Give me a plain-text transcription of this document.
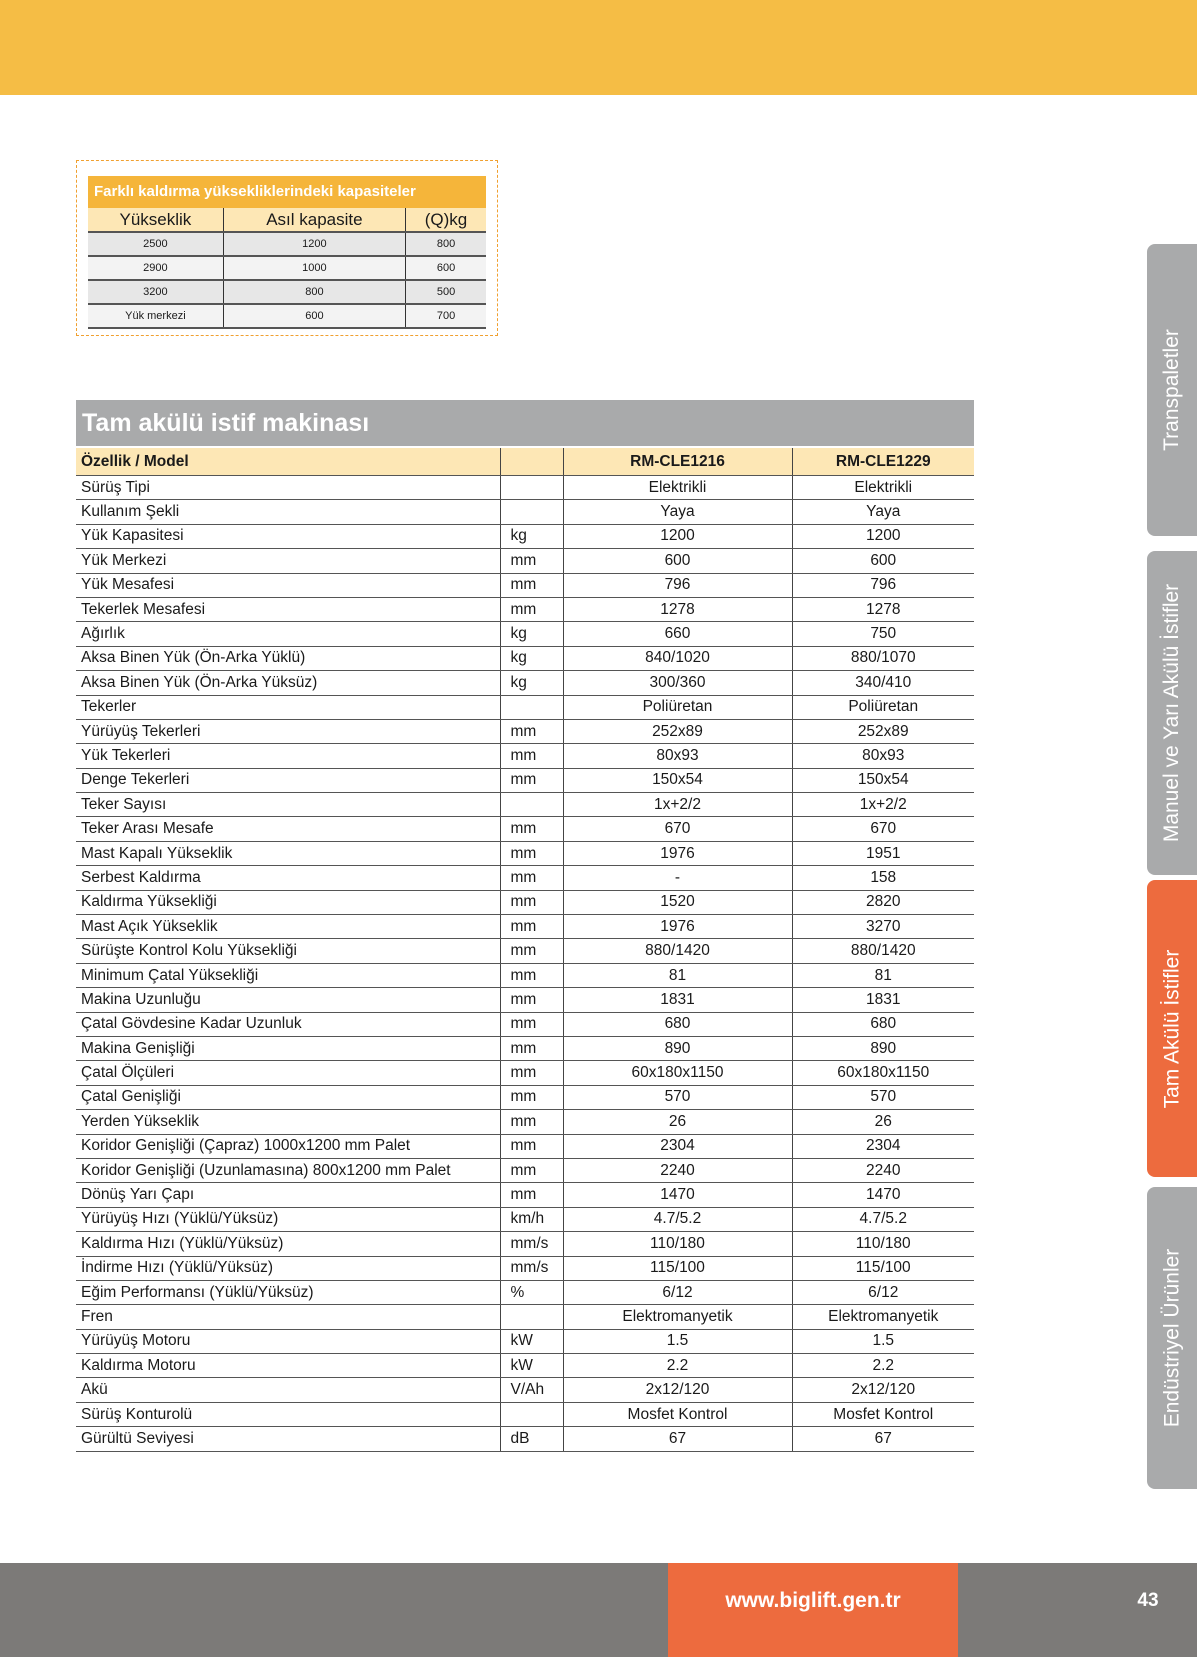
Farklı kaldırma yüksekliklerindeki kapasiteler
Yükseklik	Asıl kapasite	(Q)kg
2500	1200	800
2900	1000	600
3200	800	500
Yük merkezi	600	700
Tam akülü istif makinası
Özellik / Model		RM-CLE1216	RM-CLE1229
Sürüş Tipi		Elektrikli	Elektrikli
Kullanım Şekli		Yaya	Yaya
Yük Kapasitesi	kg	1200	1200
Yük Merkezi	mm	600	600
Yük Mesafesi	mm	796	796
Tekerlek Mesafesi	mm	1278	1278
Ağırlık	kg	660	750
Aksa Binen Yük (Ön-Arka Yüklü)	kg	840/1020	880/1070
Aksa Binen Yük (Ön-Arka Yüksüz)	kg	300/360	340/410
Tekerler		Poliüretan	Poliüretan
Yürüyüş Tekerleri	mm	252x89	252x89
Yük Tekerleri	mm	80x93	80x93
Denge Tekerleri	mm	150x54	150x54
Teker Sayısı		1x+2/2	1x+2/2
Teker Arası Mesafe	mm	670	670
Mast Kapalı Yükseklik	mm	1976	1951
Serbest Kaldırma	mm	-	158
Kaldırma Yüksekliği	mm	1520	2820
Mast Açık Yükseklik	mm	1976	3270
Sürüşte Kontrol Kolu Yüksekliği	mm	880/1420	880/1420
Minimum Çatal Yüksekliği	mm	81	81
Makina Uzunluğu	mm	1831	1831
Çatal Gövdesine Kadar Uzunluk	mm	680	680
Makina Genişliği	mm	890	890
Çatal Ölçüleri	mm	60x180x1150	60x180x1150
Çatal Genişliği	mm	570	570
Yerden Yükseklik	mm	26	26
Koridor Genişliği (Çapraz) 1000x1200 mm Palet	mm	2304	2304
Koridor Genişliği (Uzunlamasına) 800x1200 mm Palet	mm	2240	2240
Dönüş Yarı Çapı	mm	1470	1470
Yürüyüş Hızı (Yüklü/Yüksüz)	km/h	4.7/5.2	4.7/5.2
Kaldırma Hızı (Yüklü/Yüksüz)	mm/s	110/180	110/180
İndirme Hızı (Yüklü/Yüksüz)	mm/s	115/100	115/100
Eğim Performansı (Yüklü/Yüksüz)	%	6/12	6/12
Fren		Elektromanyetik	Elektromanyetik
Yürüyüş Motoru	kW	1.5	1.5
Kaldırma Motoru	kW	2.2	2.2
Akü	V/Ah	2x12/120	2x12/120
Sürüş Konturolü		Mosfet Kontrol	Mosfet Kontrol
Gürültü Seviyesi	dB	67	67
Transpaletler
Manuel ve Yarı Akülü İstifler
Tam Akülü İstifler
Endüstriyel Ürünler
www.biglift.gen.tr	43
